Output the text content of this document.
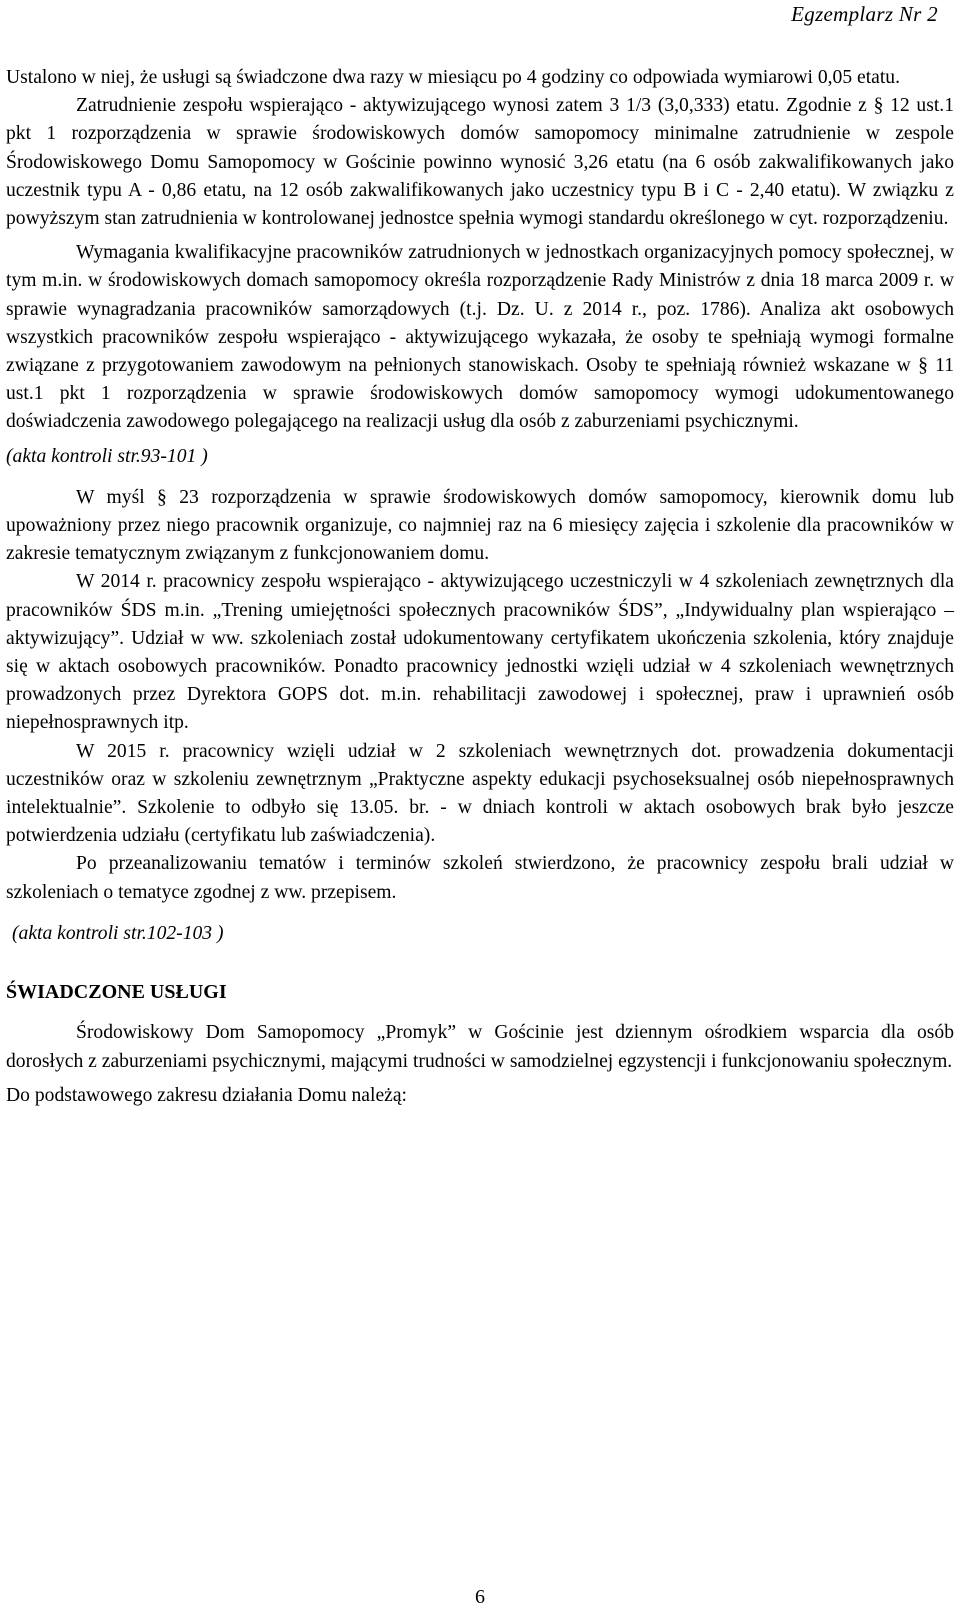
Egzemplarz Nr 2

Ustalono w niej, że usługi są świadczone dwa razy w miesiącu po 4 godziny co odpowiada wymiarowi 0,05 etatu.

Zatrudnienie zespołu wspierająco - aktywizującego wynosi zatem 3 1/3 (3,0,333) etatu. Zgodnie z § 12 ust.1 pkt 1 rozporządzenia w sprawie środowiskowych domów samopomocy minimalne zatrudnienie w zespole Środowiskowego Domu Samopomocy w Gościnie powinno wynosić 3,26 etatu (na 6 osób zakwalifikowanych jako uczestnik typu A - 0,86 etatu, na 12 osób zakwalifikowanych jako uczestnicy typu B i C - 2,40 etatu). W związku z powyższym stan zatrudnienia w kontrolowanej jednostce spełnia wymogi standardu określonego w cyt. rozporządzeniu.

Wymagania kwalifikacyjne pracowników zatrudnionych w jednostkach organizacyjnych pomocy społecznej, w tym m.in. w środowiskowych domach samopomocy określa rozporządzenie Rady Ministrów z dnia 18 marca 2009 r. w sprawie wynagradzania pracowników samorządowych (t.j. Dz. U. z 2014 r., poz. 1786). Analiza akt osobowych wszystkich pracowników zespołu wspierająco - aktywizującego wykazała, że osoby te spełniają wymogi formalne związane z przygotowaniem zawodowym na pełnionych stanowiskach. Osoby te spełniają również wskazane w § 11 ust.1 pkt 1 rozporządzenia w sprawie środowiskowych domów samopomocy wymogi udokumentowanego doświadczenia zawodowego polegającego na realizacji usług dla osób z zaburzeniami psychicznymi.

(akta kontroli str.93-101 )

W myśl § 23 rozporządzenia w sprawie środowiskowych domów samopomocy, kierownik domu lub upoważniony przez niego pracownik organizuje, co najmniej raz na 6 miesięcy zajęcia i szkolenie dla pracowników w zakresie tematycznym związanym z funkcjonowaniem domu.

W 2014 r. pracownicy zespołu wspierająco - aktywizującego uczestniczyli w 4 szkoleniach zewnętrznych dla pracowników ŚDS m.in. „Trening umiejętności społecznych pracowników ŚDS”, „Indywidualny plan wspierająco – aktywizujący”. Udział w ww. szkoleniach został udokumentowany certyfikatem ukończenia szkolenia, który znajduje się w aktach osobowych pracowników. Ponadto pracownicy jednostki wzięli udział w 4 szkoleniach wewnętrznych prowadzonych przez Dyrektora GOPS dot. m.in. rehabilitacji zawodowej i społecznej, praw i uprawnień osób niepełnosprawnych itp.

W 2015 r. pracownicy wzięli udział w 2 szkoleniach wewnętrznych dot. prowadzenia dokumentacji uczestników oraz w szkoleniu zewnętrznym „Praktyczne aspekty edukacji psychoseksualnej osób niepełnosprawnych intelektualnie”. Szkolenie to odbyło się 13.05. br. - w dniach kontroli w aktach osobowych brak było jeszcze potwierdzenia udziału (certyfikatu lub zaświadczenia).

Po przeanalizowaniu tematów i terminów szkoleń stwierdzono, że pracownicy zespołu brali udział w szkoleniach o tematyce zgodnej z ww. przepisem.

(akta kontroli str.102-103 )

ŚWIADCZONE USŁUGI

Środowiskowy Dom Samopomocy „Promyk” w Gościnie jest dziennym ośrodkiem wsparcia dla osób dorosłych z zaburzeniami psychicznymi, mającymi trudności w samodzielnej egzystencji i funkcjonowaniu społecznym.

Do podstawowego zakresu działania Domu należą:

6
